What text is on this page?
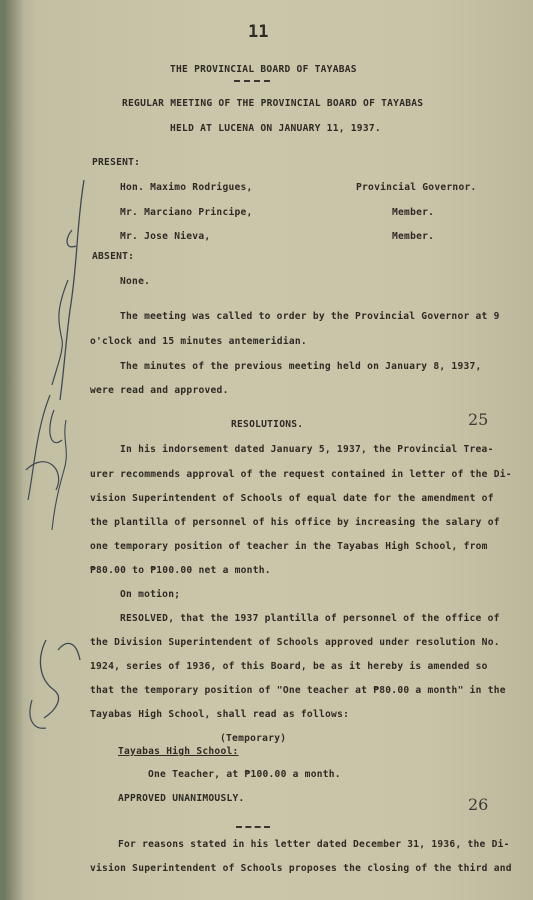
11
THE PROVINCIAL BOARD OF TAYABAS
REGULAR MEETING OF THE PROVINCIAL BOARD OF TAYABAS
HELD AT LUCENA ON JANUARY 11, 1937.
PRESENT:
Hon. Maximo Rodrigues,	Provincial Governor.
Mr. Marciano Principe,	Member.
Mr. Jose Nieva,	Member.
ABSENT:
None.
The meeting was called to order by the Provincial Governor at 9
o'clock and 15 minutes antemeridian.
The minutes of the previous meeting held on January 8, 1937,
were read and approved.
RESOLUTIONS.	25
In his indorsement dated January 5, 1937, the Provincial Trea-
urer recommends approval of the request contained in letter of the Di-
vision Superintendent of Schools of equal date for the amendment of
the plantilla of personnel of his office by increasing the salary of
one temporary position of teacher in the Tayabas High School, from
₱80.00 to ₱100.00 net a month.
On motion;
RESOLVED, that the 1937 plantilla of personnel of the office of
the Division Superintendent of Schools approved under resolution No.
1924, series of 1936, of this Board, be as it hereby is amended so
that the temporary position of "One teacher at ₱80.00 a month" in the
Tayabas High School, shall read as follows:
(Temporary)
Tayabas High School:
One Teacher, at ₱100.00 a month.
APPROVED UNANIMOUSLY.	26
For reasons stated in his letter dated December 31, 1936, the Di-
vision Superintendent of Schools proposes the closing of the third and
